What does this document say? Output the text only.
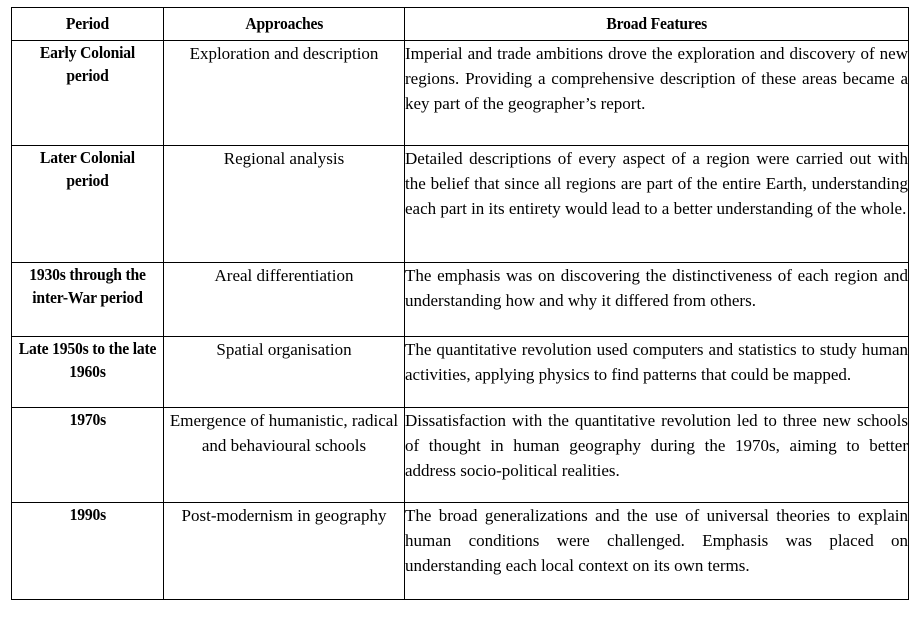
Period	Approaches	Broad Features
Early Colonial period	Exploration and description	Imperial and trade ambitions drove the exploration and discovery of new regions. Providing a comprehensive description of these areas became a key part of the geographer’s report.

Later Colonial period	Regional analysis	Detailed descriptions of every aspect of a region were carried out with the belief that since all regions are part of the entire Earth, understanding each part in its entirety would lead to a better understanding of the whole.

1930s through the inter-War period	Areal differentiation	The emphasis was on discovering the distinctiveness of each region and understanding how and why it differed from others.

Late 1950s to the late 1960s	Spatial organisation	The quantitative revolution used computers and statistics to study human activities, applying physics to find patterns that could be mapped.

1970s	Emergence of humanistic, radical and behavioural schools	Dissatisfaction with the quantitative revolution led to three new schools of thought in human geography during the 1970s, aiming to better address socio-political realities.

1990s	Post-modernism in geography	The broad generalizations and the use of universal theories to explain human conditions were challenged. Emphasis was placed on understanding each local context on its own terms.
